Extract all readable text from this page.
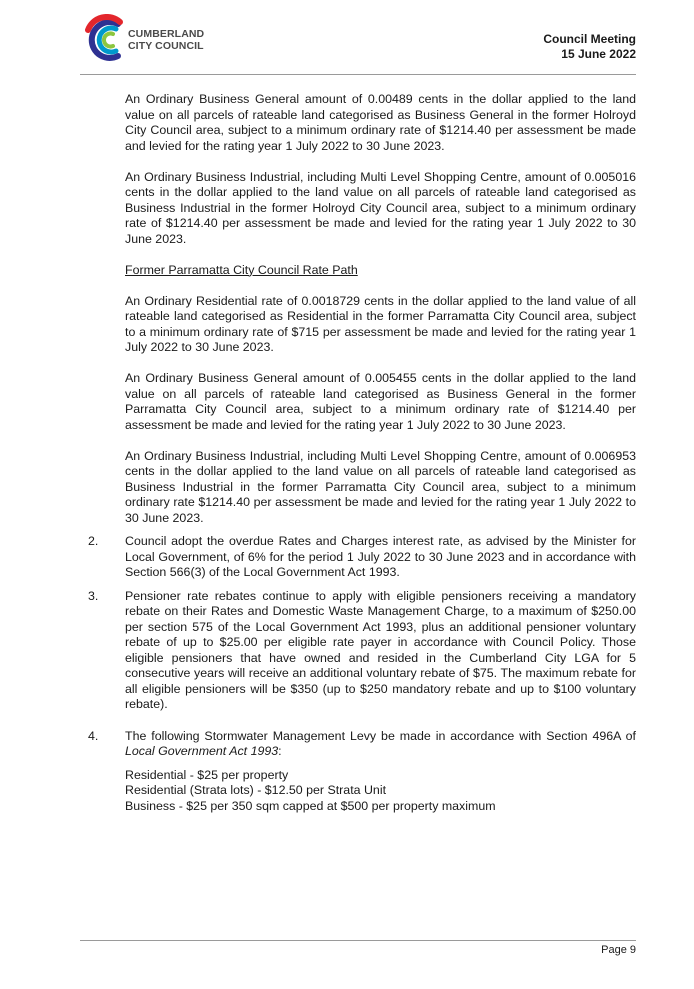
CUMBERLAND
CITY COUNCIL	Council Meeting
15 June 2022

An Ordinary Business General amount of 0.00489 cents in the dollar applied to the land value on all parcels of rateable land categorised as Business General in the former Holroyd City Council area, subject to a minimum ordinary rate of $1214.40 per assessment be made and levied for the rating year 1 July 2022 to 30 June 2023.

An Ordinary Business Industrial, including Multi Level Shopping Centre, amount of 0.005016 cents in the dollar applied to the land value on all parcels of rateable land categorised as Business Industrial in the former Holroyd City Council area, subject to a minimum ordinary rate of $1214.40 per assessment be made and levied for the rating year 1 July 2022 to 30 June 2023.

Former Parramatta City Council Rate Path

An Ordinary Residential rate of 0.0018729 cents in the dollar applied to the land value of all rateable land categorised as Residential in the former Parramatta City Council area, subject to a minimum ordinary rate of $715 per assessment be made and levied for the rating year 1 July 2022 to 30 June 2023.

An Ordinary Business General amount of 0.005455 cents in the dollar applied to the land value on all parcels of rateable land categorised as Business General in the former Parramatta City Council area, subject to a minimum ordinary rate of $1214.40 per assessment be made and levied for the rating year 1 July 2022 to 30 June 2023.

An Ordinary Business Industrial, including Multi Level Shopping Centre, amount of 0.006953 cents in the dollar applied to the land value on all parcels of rateable land categorised as Business Industrial in the former Parramatta City Council area, subject to a minimum ordinary rate $1214.40 per assessment be made and levied for the rating year 1 July 2022 to 30 June 2023.

2.	Council adopt the overdue Rates and Charges interest rate, as advised by the Minister for Local Government, of 6% for the period 1 July 2022 to 30 June 2023 and in accordance with Section 566(3) of the Local Government Act 1993.
3.	Pensioner rate rebates continue to apply with eligible pensioners receiving a mandatory rebate on their Rates and Domestic Waste Management Charge, to a maximum of $250.00 per section 575 of the Local Government Act 1993, plus an additional pensioner voluntary rebate of up to $25.00 per eligible rate payer in accordance with Council Policy. Those eligible pensioners that have owned and resided in the Cumberland City LGA for 5 consecutive years will receive an additional voluntary rebate of $75. The maximum rebate for all eligible pensioners will be $350 (up to $250 mandatory rebate and up to $100 voluntary rebate).
4.	The following Stormwater Management Levy be made in accordance with Section 496A of Local Government Act 1993:

Residential - $25 per property

Residential (Strata lots) - $12.50 per Strata Unit

Business - $25 per 350 sqm capped at $500 per property maximum

Page 9
